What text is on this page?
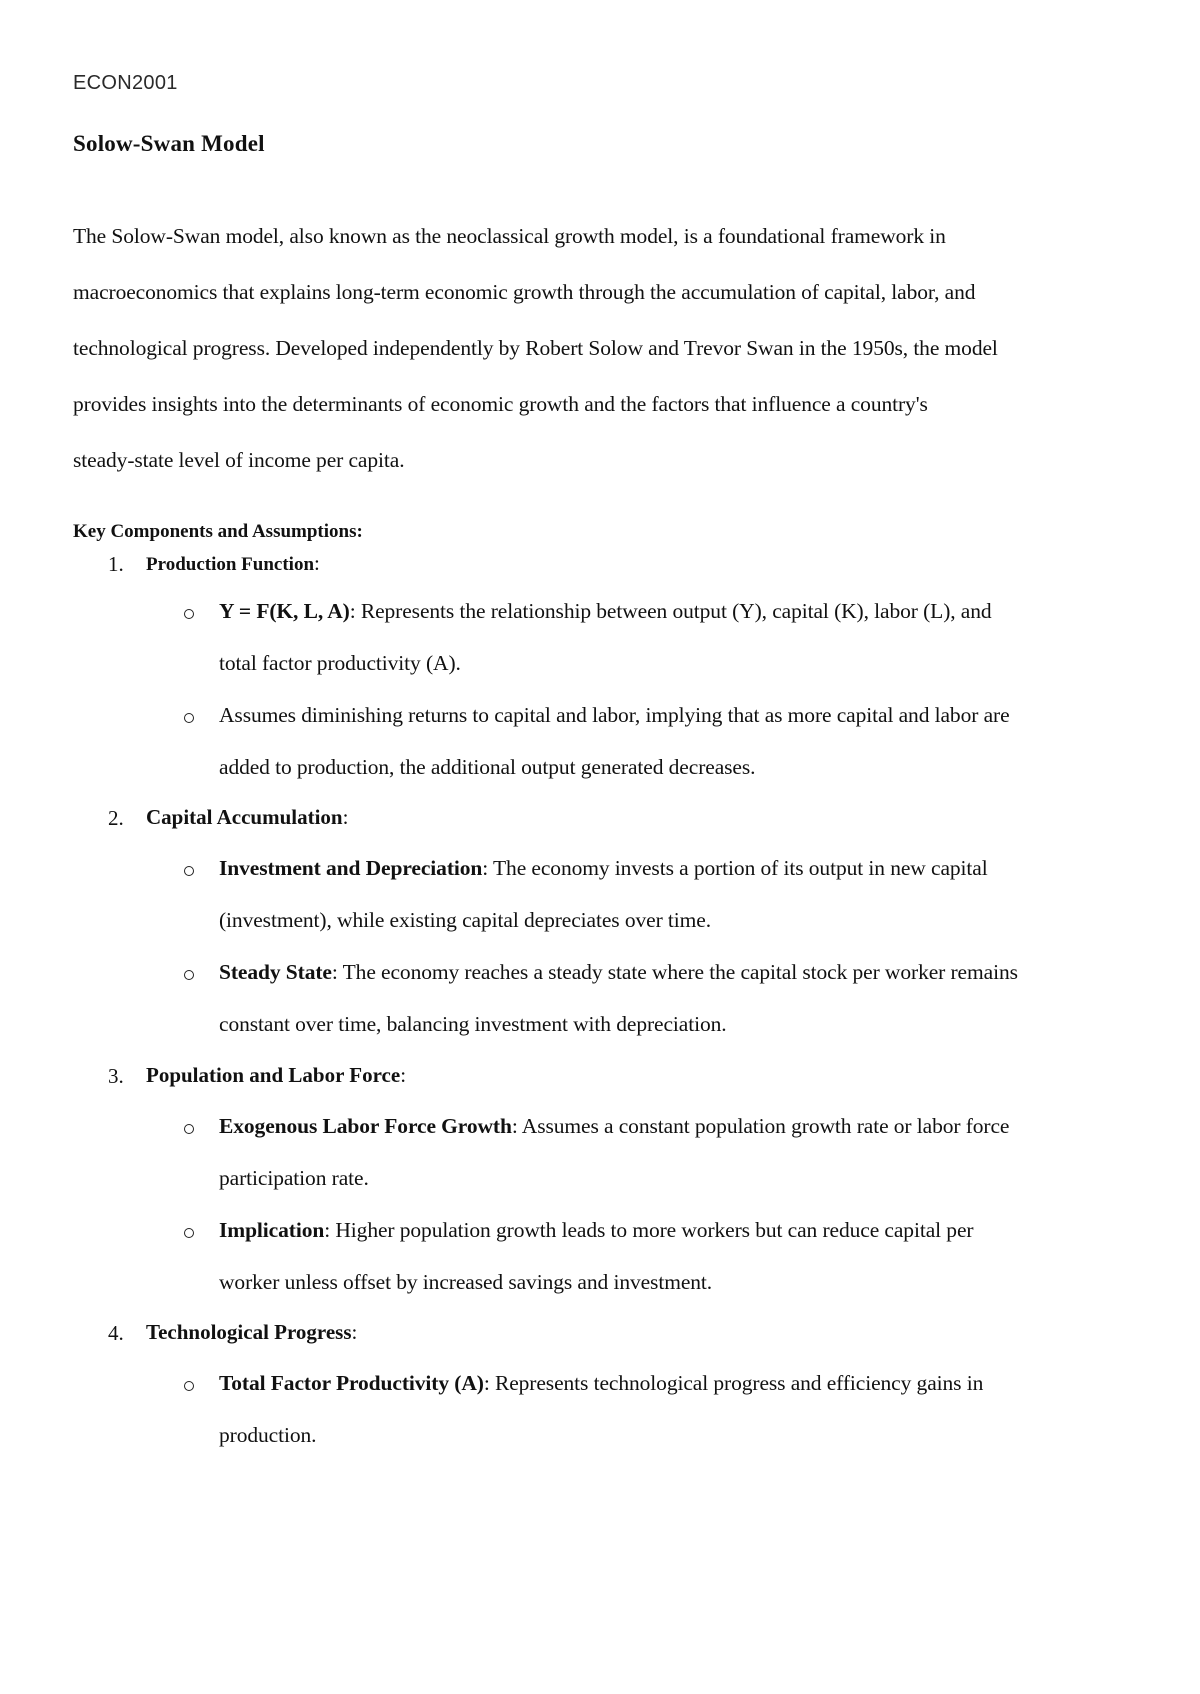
ECON2001
Solow-Swan Model

The Solow-Swan model, also known as the neoclassical growth model, is a foundational framework in
macroeconomics that explains long-term economic growth through the accumulation of capital, labor, and
technological progress. Developed independently by Robert Solow and Trevor Swan in the 1950s, the model
provides insights into the determinants of economic growth and the factors that influence a country's
steady-state level of income per capita.

Key Components and Assumptions:
1. Production Function:
Y = F(K, L, A): Represents the relationship between output (Y), capital (K), labor (L), and
total factor productivity (A).
Assumes diminishing returns to capital and labor, implying that as more capital and labor are
added to production, the additional output generated decreases.
2. Capital Accumulation:
Investment and Depreciation: The economy invests a portion of its output in new capital
(investment), while existing capital depreciates over time.
Steady State: The economy reaches a steady state where the capital stock per worker remains
constant over time, balancing investment with depreciation.
3. Population and Labor Force:
Exogenous Labor Force Growth: Assumes a constant population growth rate or labor force
participation rate.
Implication: Higher population growth leads to more workers but can reduce capital per
worker unless offset by increased savings and investment.
4. Technological Progress:
Total Factor Productivity (A): Represents technological progress and efficiency gains in
production.
